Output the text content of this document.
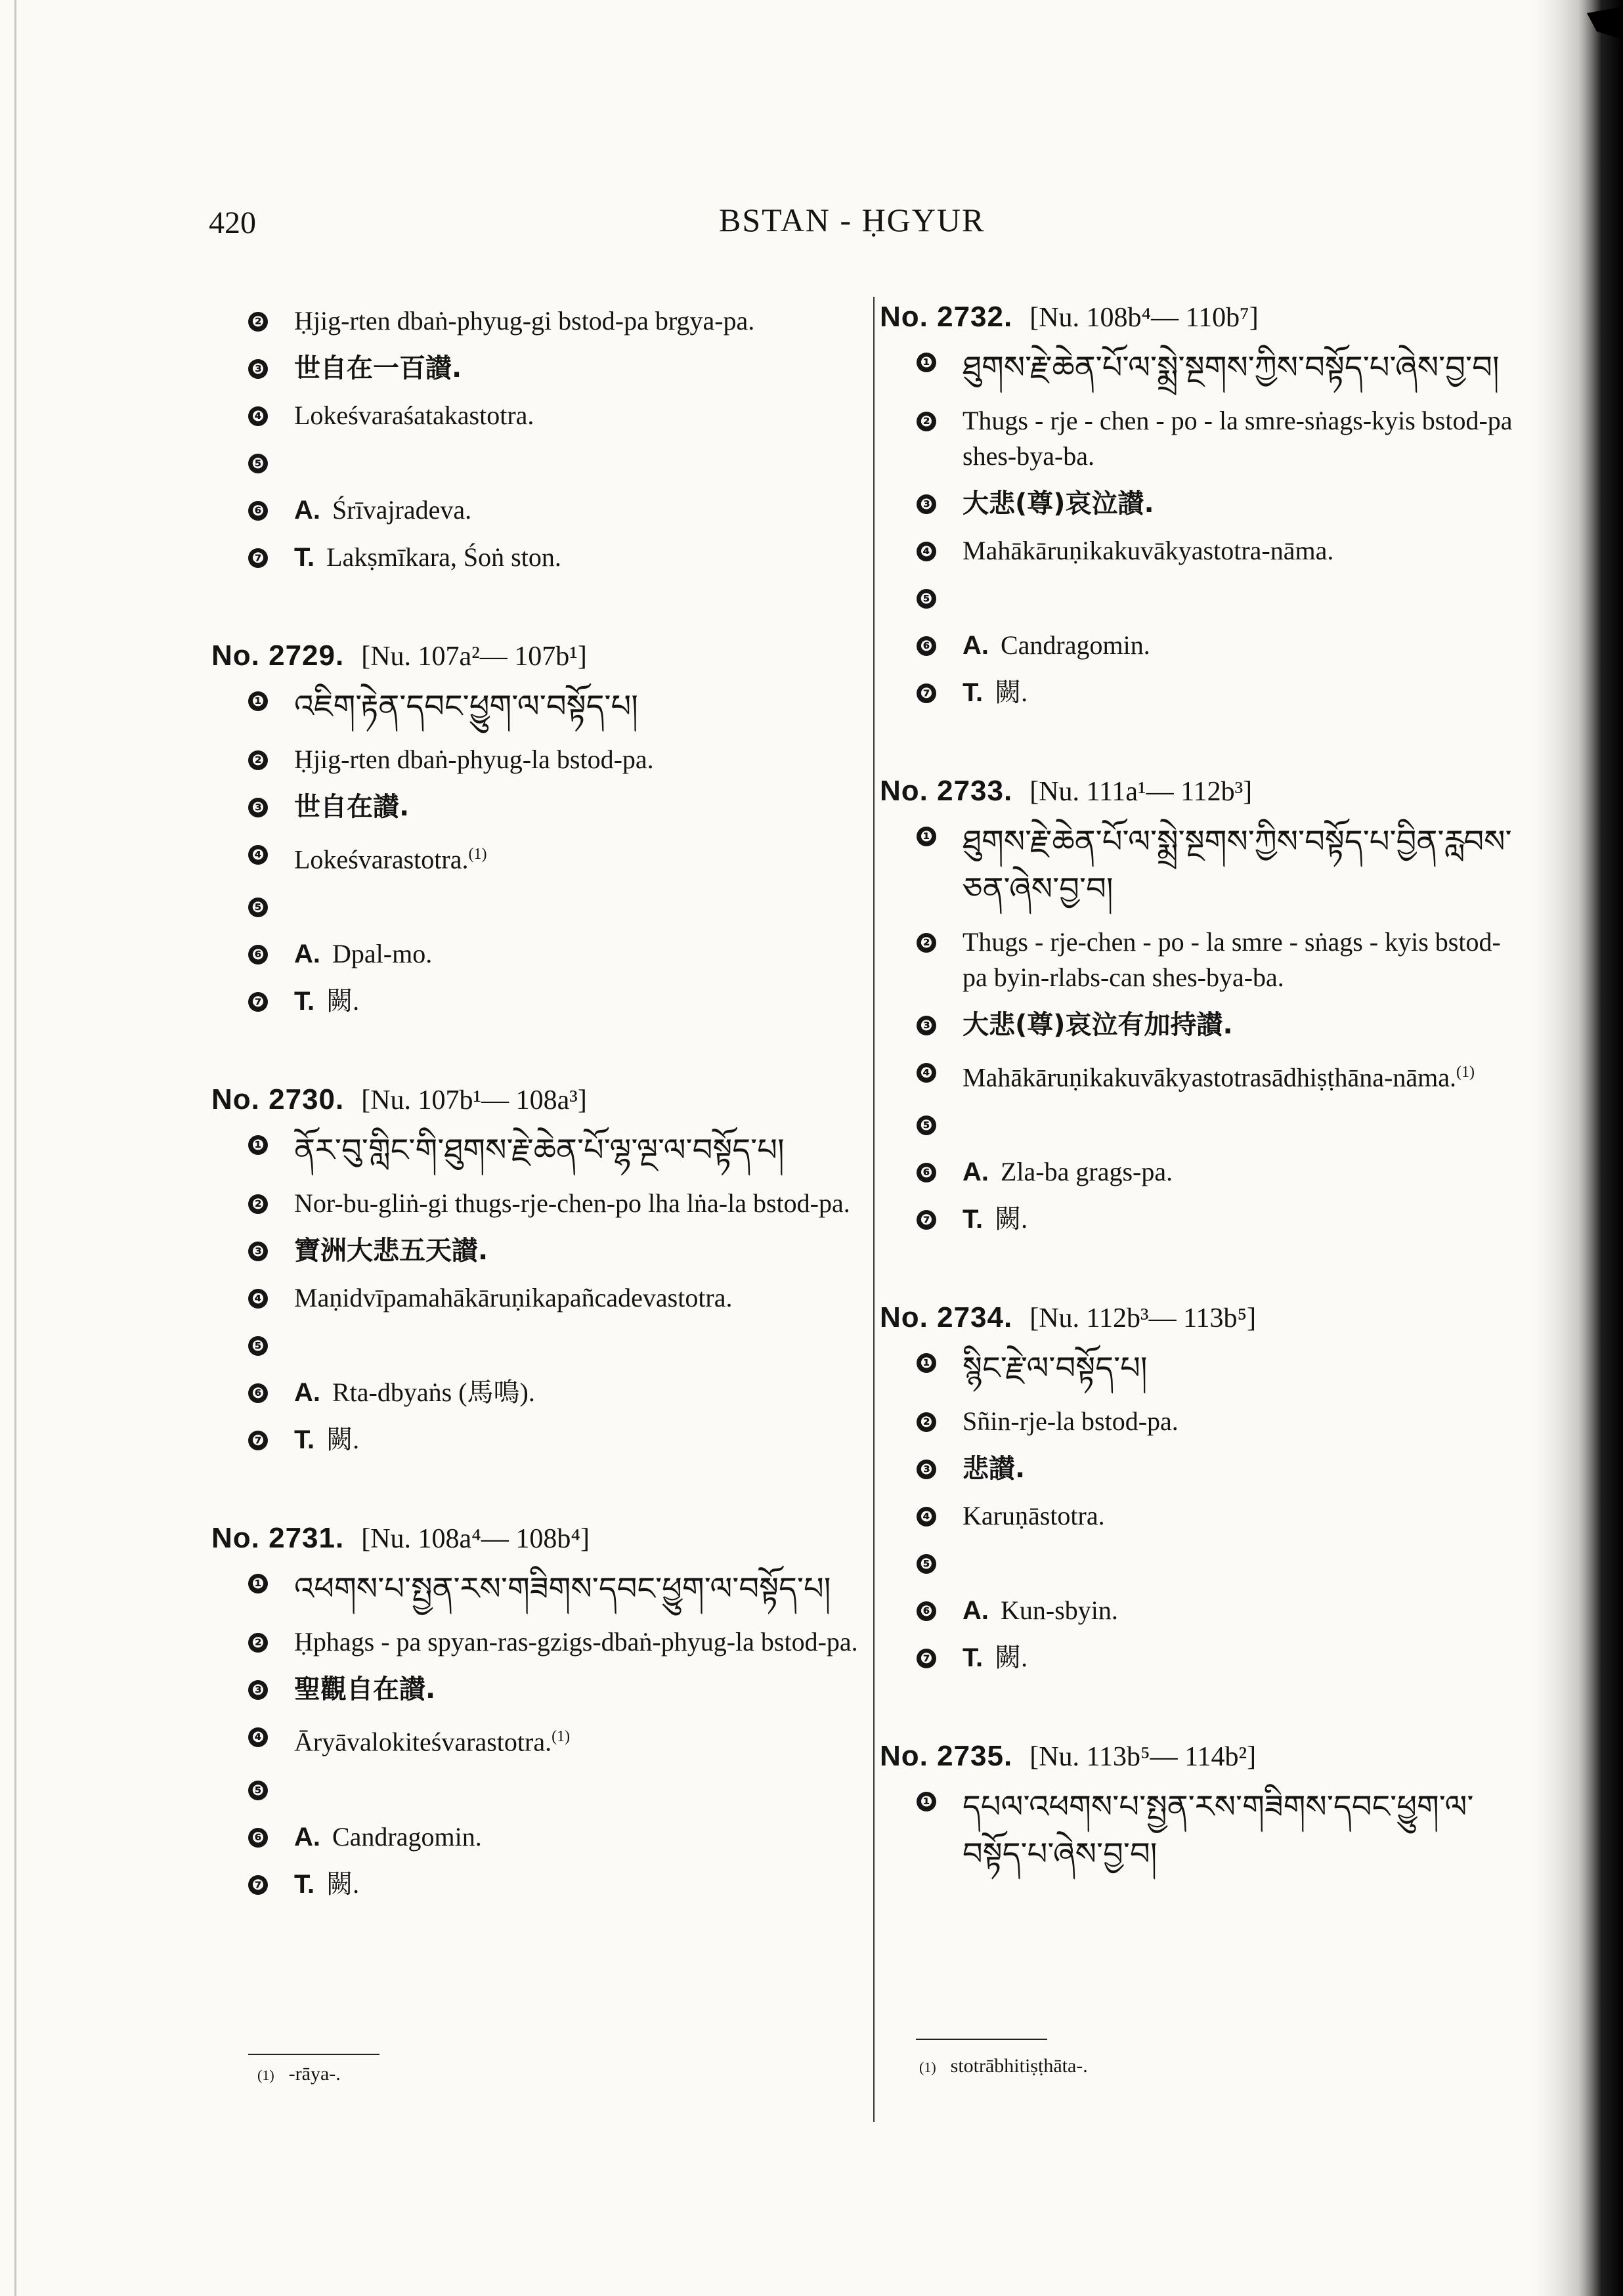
420	BSTAN - ḤGYUR
❷ Ḥjig-rten dbaṅ-phyug-gi bstod-pa brgya-pa.
❸ 世自在一百讃.
❹ Lokeśvaraśatakastotra.
❺
❻ A. Śrīvajradeva.
❼ T. Lakṣmīkara, Śoṅ ston.
No. 2729. [Nu. 107a²— 107b¹]
❶ འཇིག་རྟེན་དབང་ཕྱུག་ལ་བསྟོད་པ།
❷ Ḥjig-rten dbaṅ-phyug-la bstod-pa.
❸ 世自在讃.
❹ Lokeśvarastotra.$^{(1)}$
❺
❻ A. Dpal-mo.
❼ T. 闕.
No. 2730. [Nu. 107b¹— 108a³]
❶ ནོར་བུ་གླིང་གི་ཐུགས་རྗེ་ཆེན་པོ་ལྷ་ལྔ་ལ་བསྟོད་པ།
❷ Nor-bu-gliṅ-gi thugs-rje-chen-po lha lṅa-la bstod-pa.
❸ 寶洲大悲五天讃.
❹ Maṇidvīpamahākāruṇikapañcadevastotra.
❺
❻ A. Rta-dbyaṅs (馬鳴).
❼ T. 闕.
No. 2731. [Nu. 108a⁴— 108b⁴]
❶ འཕགས་པ་སྤྱན་རས་གཟིགས་དབང་ཕྱུག་ལ་བསྟོད་པ།
❷ Ḥphags - pa spyan-ras-gzigs-dbaṅ-phyug-la bstod-pa.
❸ 聖觀自在讃.
❹ Āryāvalokiteśvarastotra.$^{(1)}$
❺
❻ A. Candragomin.
❼ T. 闕.
No. 2732. [Nu. 108b⁴— 110b⁷]
❶ ཐུགས་རྗེ་ཆེན་པོ་ལ་སྨྲེ་སྔགས་ཀྱིས་བསྟོད་པ་ཞེས་བྱ་བ།
❷ Thugs - rje - chen - po - la smre-sṅags-kyis bstod-pa shes-bya-ba.
❸ 大悲(尊)哀泣讃.
❹ Mahākāruṇikakuvākyastotra-nāma.
❺
❻ A. Candragomin.
❼ T. 闕.
No. 2733. [Nu. 111a¹— 112b³]
❶ ཐུགས་རྗེ་ཆེན་པོ་ལ་སྨྲེ་སྔགས་ཀྱིས་བསྟོད་པ་བྱིན་རླབས་ཅན་ཞེས་བྱ་བ།
❷ Thugs - rje-chen - po - la smre - sṅags - kyis bstod-pa byin-rlabs-can shes-bya-ba.
❸ 大悲(尊)哀泣有加持讃.
❹ Mahākāruṇikakuvākyastotrasādhiṣṭhāna-nāma.$^{(1)}$
❺
❻ A. Zla-ba grags-pa.
❼ T. 闕.
No. 2734. [Nu. 112b³— 113b⁵]
❶ སྙིང་རྗེ་ལ་བསྟོད་པ།
❷ Sñin-rje-la bstod-pa.
❸ 悲讃.
❹ Karuṇāstotra.
❺
❻ A. Kun-sbyin.
❼ T. 闕.
No. 2735. [Nu. 113b⁵— 114b²]
❶ དཔལ་འཕགས་པ་སྤྱན་རས་གཟིགས་དབང་ཕྱུག་ལ་བསྟོད་པ་ཞེས་བྱ་བ།
(1) -rāya-.	(1) stotrābhitiṣṭhāta-.
